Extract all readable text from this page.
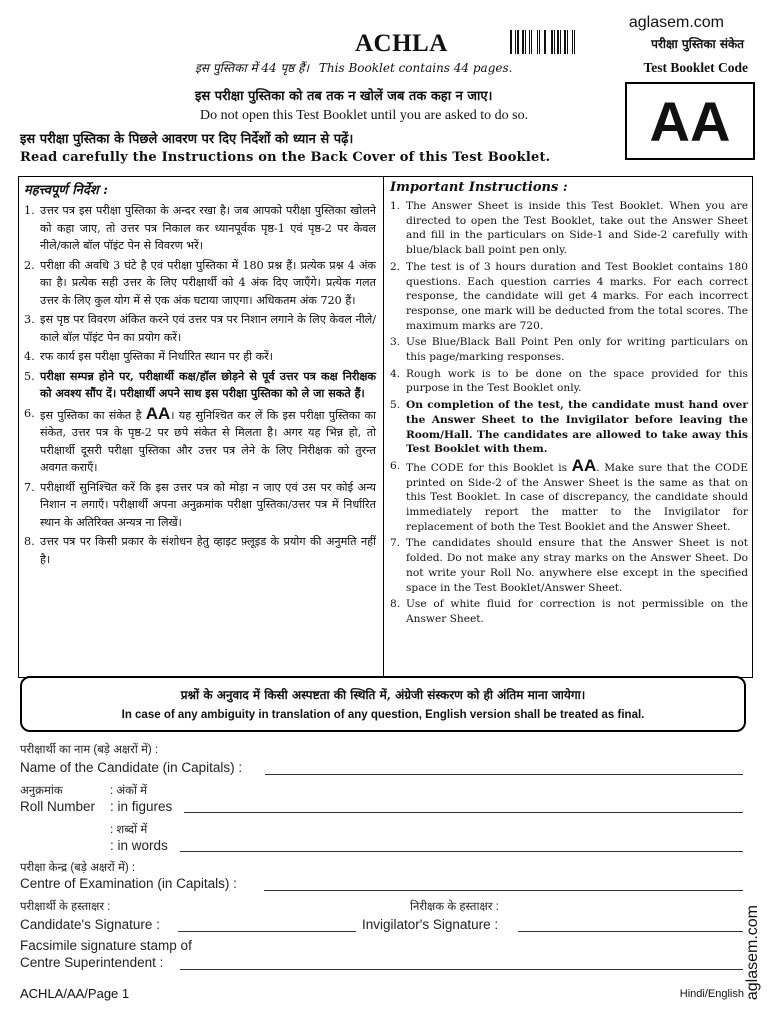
aglasem.com
परीक्षा पुस्तिका संकेत
Test Booklet Code
ACHLA
इस पुस्तिका में 44 पृष्ठ हैं। This Booklet contains 44 pages.
इस परीक्षा पुस्तिका को तब तक न खोलें जब तक कहा न जाए।
Do not open this Test Booklet until you are asked to do so.
इस परीक्षा पुस्तिका के पिछले आवरण पर दिए निर्देशों को ध्यान से पढ़ें।
Read carefully the Instructions on the Back Cover of this Test Booklet.
AA
महत्त्वपूर्ण निर्देश :
1. उत्तर पत्र इस परीक्षा पुस्तिका के अन्दर रखा है। जब आपको परीक्षा पुस्तिका खोलने को कहा जाए, तो उत्तर पत्र निकाल कर ध्यानपूर्वक पृष्ठ-1 एवं पृष्ठ-2 पर केवल नीले/काले बॉल पॉइंट पेन से विवरण भरें।
2. परीक्षा की अवधि 3 घंटे है एवं परीक्षा पुस्तिका में 180 प्रश्न हैं। प्रत्येक प्रश्न 4 अंक का है। प्रत्येक सही उत्तर के लिए परीक्षार्थी को 4 अंक दिए जाएँगे। प्रत्येक गलत उत्तर के लिए कुल योग में से एक अंक घटाया जाएगा। अधिकतम अंक 720 हैं।
3. इस पृष्ठ पर विवरण अंकित करने एवं उत्तर पत्र पर निशान लगाने के लिए केवल नीले/काले बॉल पॉइंट पेन का प्रयोग करें।
4. रफ कार्य इस परीक्षा पुस्तिका में निर्धारित स्थान पर ही करें।
5. परीक्षा सम्पन्न होने पर, परीक्षार्थी कक्ष/हॉल छोड़ने से पूर्व उत्तर पत्र कक्ष निरीक्षक को अवश्य सौंप दें। परीक्षार्थी अपने साथ इस परीक्षा पुस्तिका को ले जा सकते हैं।
6. इस पुस्तिका का संकेत है AA। यह सुनिश्चित कर लें कि इस परीक्षा पुस्तिका का संकेत, उत्तर पत्र के पृष्ठ-2 पर छपे संकेत से मिलता है। अगर यह भिन्न हो, तो परीक्षार्थी दूसरी परीक्षा पुस्तिका और उत्तर पत्र लेने के लिए निरीक्षक को तुरन्त अवगत कराएँ।
7. परीक्षार्थी सुनिश्चित करें कि इस उत्तर पत्र को मोड़ा न जाए एवं उस पर कोई अन्य निशान न लगाएँ। परीक्षार्थी अपना अनुक्रमांक परीक्षा पुस्तिका/उत्तर पत्र में निर्धारित स्थान के अतिरिक्त अन्यत्र ना लिखें।
8. उत्तर पत्र पर किसी प्रकार के संशोधन हेतु व्हाइट फ़्लूइड के प्रयोग की अनुमति नहीं है।
Important Instructions :
1. The Answer Sheet is inside this Test Booklet. When you are directed to open the Test Booklet, take out the Answer Sheet and fill in the particulars on Side-1 and Side-2 carefully with blue/black ball point pen only.
2. The test is of 3 hours duration and Test Booklet contains 180 questions. Each question carries 4 marks. For each correct response, the candidate will get 4 marks. For each incorrect response, one mark will be deducted from the total scores. The maximum marks are 720.
3. Use Blue/Black Ball Point Pen only for writing particulars on this page/marking responses.
4. Rough work is to be done on the space provided for this purpose in the Test Booklet only.
5. On completion of the test, the candidate must hand over the Answer Sheet to the Invigilator before leaving the Room/Hall. The candidates are allowed to take away this Test Booklet with them.
6. The CODE for this Booklet is AA. Make sure that the CODE printed on Side-2 of the Answer Sheet is the same as that on this Test Booklet. In case of discrepancy, the candidate should immediately report the matter to the Invigilator for replacement of both the Test Booklet and the Answer Sheet.
7. The candidates should ensure that the Answer Sheet is not folded. Do not make any stray marks on the Answer Sheet. Do not write your Roll No. anywhere else except in the specified space in the Test Booklet/Answer Sheet.
8. Use of white fluid for correction is not permissible on the Answer Sheet.
प्रश्नों के अनुवाद में किसी अस्पष्टता की स्थिति में, अंग्रेजी संस्करण को ही अंतिम माना जायेगा।
In case of any ambiguity in translation of any question, English version shall be treated as final.
परीक्षार्थी का नाम (बड़े अक्षरों में) :
Name of the Candidate (in Capitals) :
अनुक्रमांक	: अंकों में
Roll Number : in figures
: शब्दों में
: in words
परीक्षा केन्द्र (बड़े अक्षरों में) :
Centre of Examination (in Capitals) :
परीक्षार्थी के हस्ताक्षर :
Candidate's Signature :
निरीक्षक के हस्ताक्षर :
Invigilator's Signature :
Facsimile signature stamp of
Centre Superintendent :
ACHLA/AA/Page 1	Hindi/English aglasem.com
